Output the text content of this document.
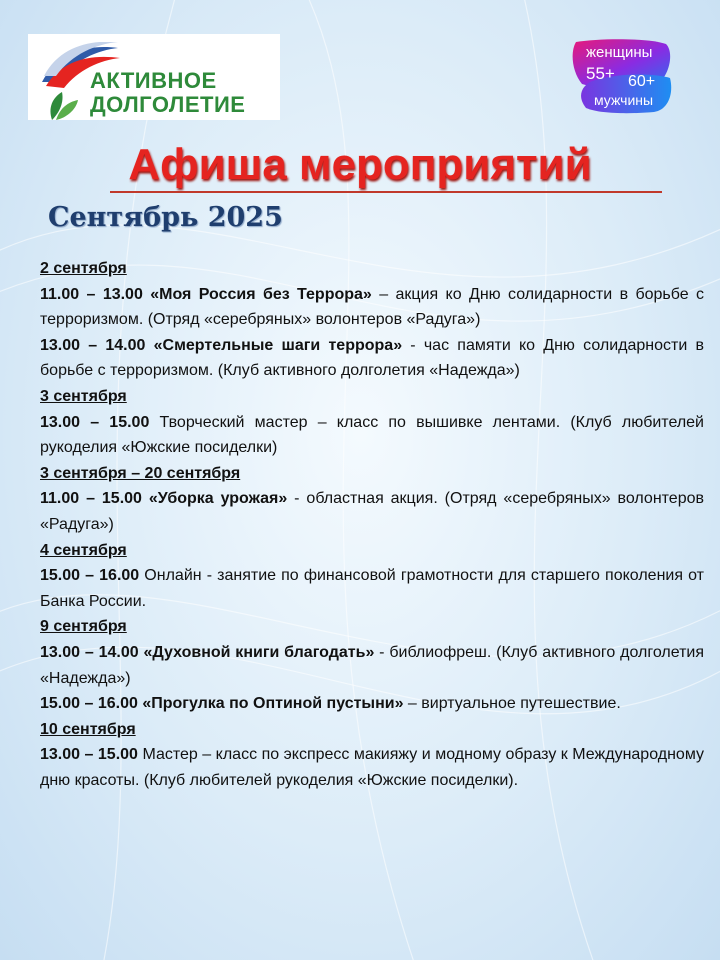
АКТИВНОЕ
ДОЛГОЛЕТИЕ
женщины
55+ 60+
мужчины
Афиша мероприятий
Сентябрь 2025
2 сентября
11.00 – 13.00 «Моя Россия без Террора» – акция ко Дню солидарности в борьбе с терроризмом. (Отряд «серебряных» волонтеров «Радуга»)
13.00 – 14.00 «Смертельные шаги террора» - час памяти ко Дню солидарности в борьбе с терроризмом. (Клуб активного долголетия «Надежда»)
3 сентября
13.00 – 15.00 Творческий мастер – класс по вышивке лентами. (Клуб любителей рукоделия «Южские посиделки)
3 сентября – 20 сентября
11.00 – 15.00 «Уборка урожая» - областная акция. (Отряд «серебряных» волонтеров «Радуга»)
4 сентября
15.00 – 16.00 Онлайн - занятие по финансовой грамотности для старшего поколения от Банка России.
9 сентября
13.00 – 14.00 «Духовной книги благодать» - библиофреш. (Клуб активного долголетия «Надежда»)
15.00 – 16.00 «Прогулка по Оптиной пустыни» – виртуальное путешествие.
10 сентября
13.00 – 15.00 Мастер – класс по экспресс макияжу и модному образу к Международному дню красоты. (Клуб любителей рукоделия «Южские посиделки).
